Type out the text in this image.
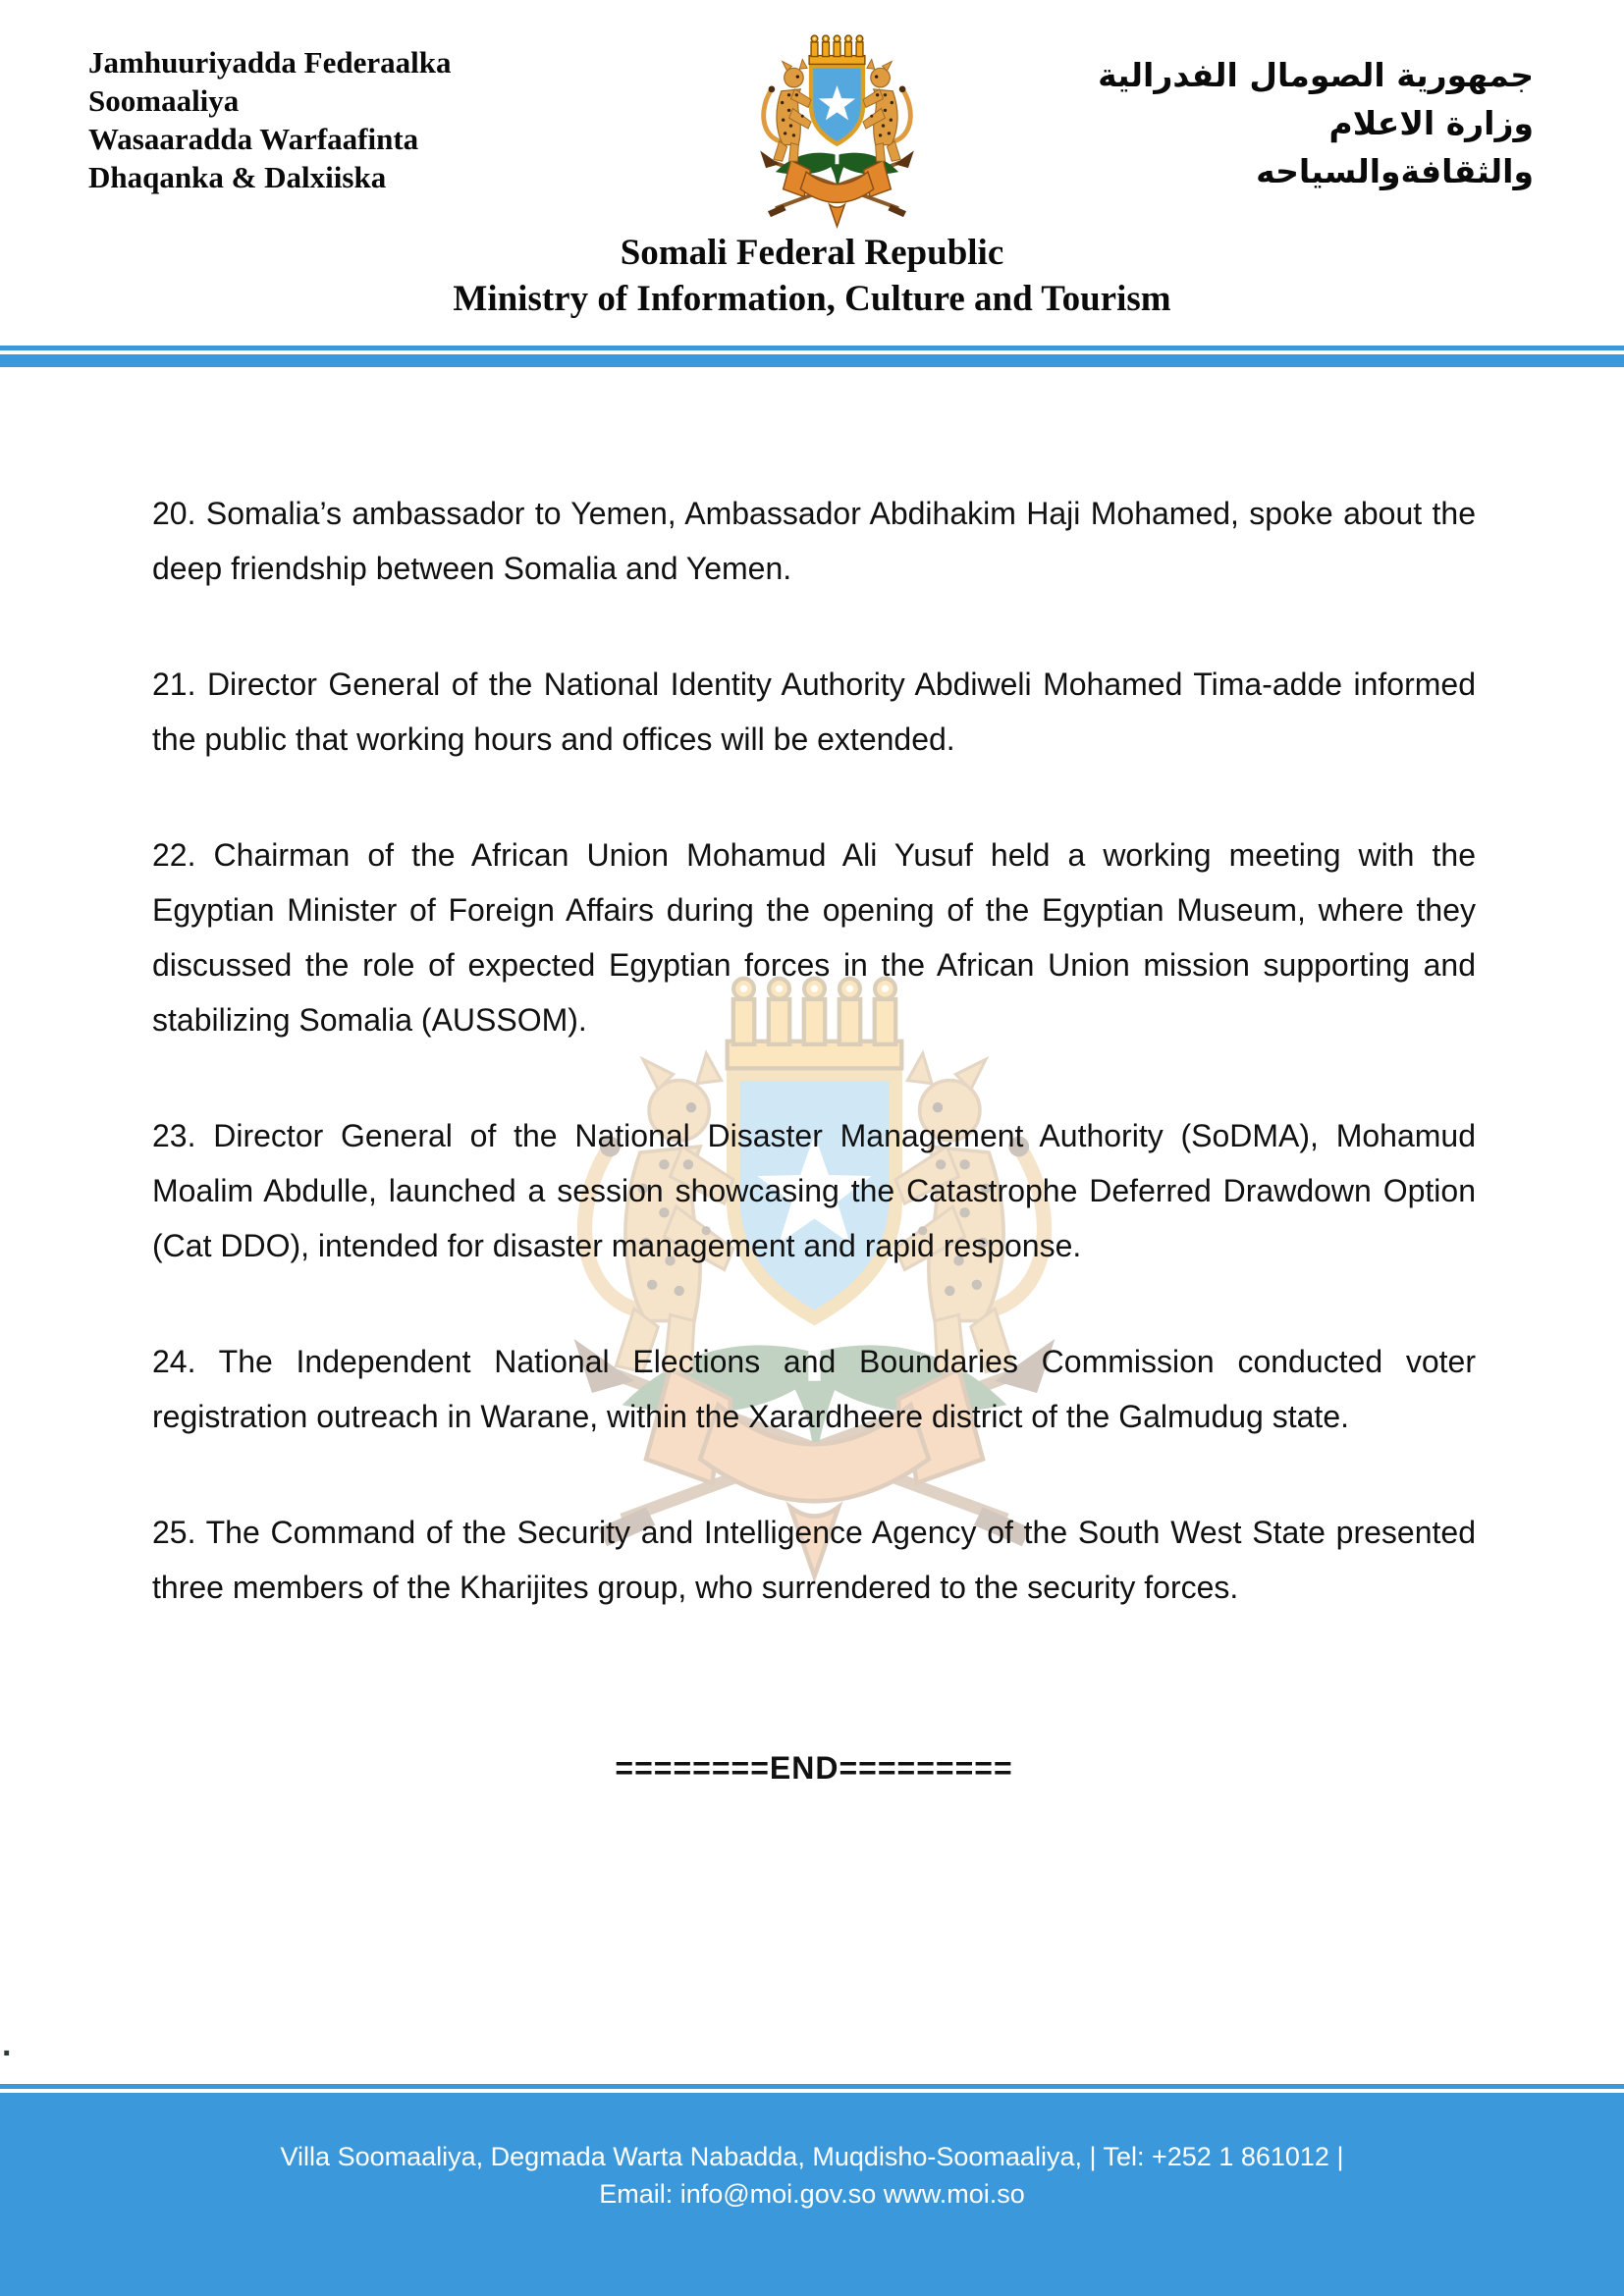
Jamhuuriyadda Federaalka
Soomaaliya
Wasaaradda Warfaafinta
Dhaqanka & Dalxiiska
جمهورية الصومال الفدرالية
وزارة الاعلام
والثقافةوالسياحه
Somali Federal Republic
Ministry of Information, Culture and Tourism

20. Somalia’s ambassador to Yemen, Ambassador Abdihakim Haji Mohamed, spoke about the deep friendship between Somalia and Yemen.

21. Director General of the National Identity Authority Abdiweli Mohamed Tima-adde informed the public that working hours and offices will be extended.

22. Chairman of the African Union Mohamud Ali Yusuf held a working meeting with the Egyptian Minister of Foreign Affairs during the opening of the Egyptian Museum, where they discussed the role of expected Egyptian forces in the African Union mission supporting and stabilizing Somalia (AUSSOM).

23. Director General of the National Disaster Management Authority (SoDMA), Mohamud Moalim Abdulle, launched a session showcasing the Catastrophe Deferred Drawdown Option (Cat DDO), intended for disaster management and rapid response.

24. The Independent National Elections and Boundaries Commission conducted voter registration outreach in Warane, within the Xarardheere district of the Galmudug state.

25. The Command of the Security and Intelligence Agency of the South West State presented three members of the Kharijites group, who surrendered to the security forces.

========END=========
.
Villa Soomaaliya, Degmada Warta Nabadda, Muqdisho-Soomaaliya, | Tel: +252 1 861012 |
Email: info@moi.gov.so www.moi.so
